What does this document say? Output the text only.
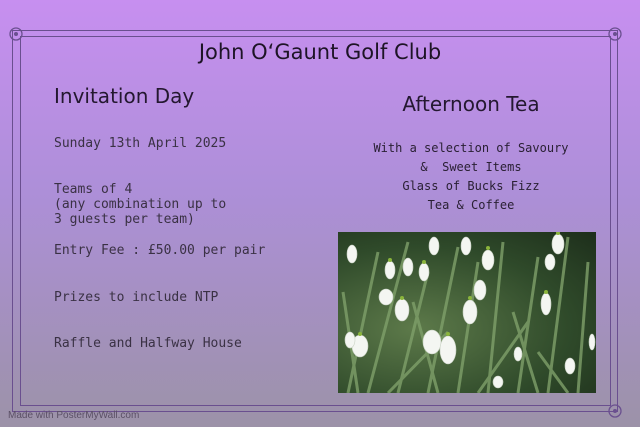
John O‘Gaunt Golf Club
Invitation Day	Afternoon Tea
Sunday 13th April 2025
Teams of 4
(any combination up to
3 guests per team)
Entry Fee : £50.00 per pair
Prizes to include NTP
Raffle and Halfway House
With a selection of Savoury
&  Sweet Items
Glass of Bucks Fizz
Tea & Coffee
Made with PosterMyWall.com
